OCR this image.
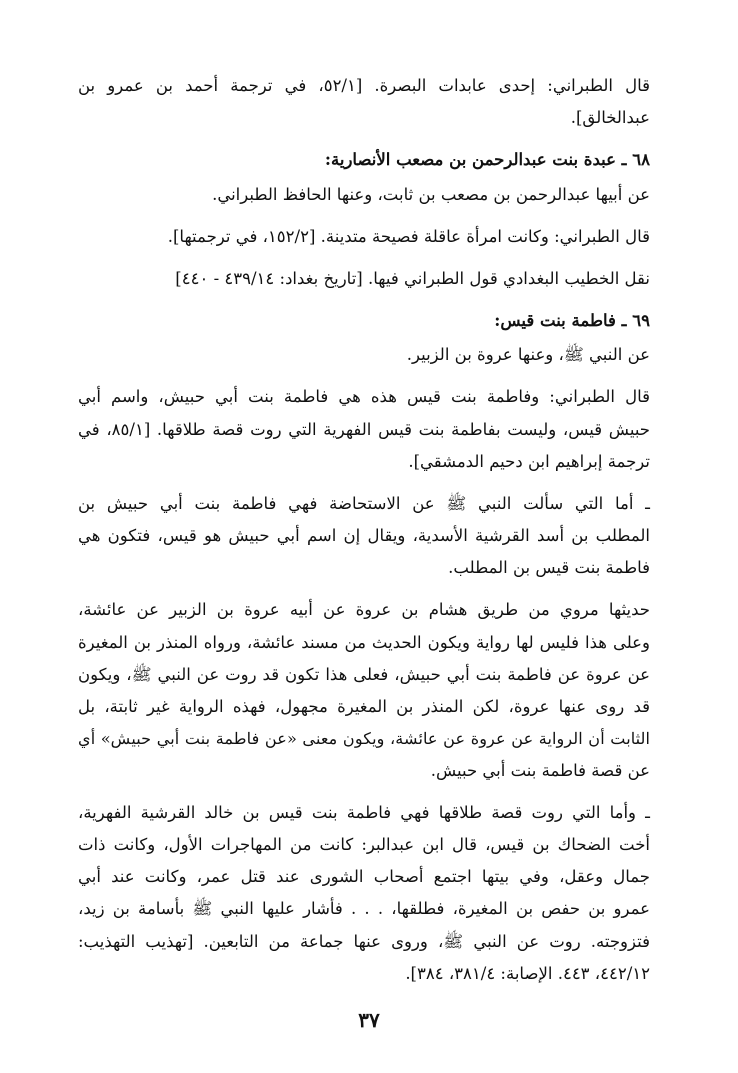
قال الطبراني: إحدى عابدات البصرة. [٥٢/١، في ترجمة أحمد بن عمرو بن
عبدالخالق].
٦٨ ـ عبدة بنت عبدالرحمن بن مصعب الأنصارية:
عن أبيها عبدالرحمن بن مصعب بن ثابت، وعنها الحافظ الطبراني.
قال الطبراني: وكانت امرأة عاقلة فصيحة متدينة. [١٥٢/٢، في ترجمتها].
نقل الخطيب البغدادي قول الطبراني فيها. [تاريخ بغداد: ٤٣٩/١٤ - ٤٤٠]
٦٩ ـ فاطمة بنت قيس:
عن النبي ﷺ، وعنها عروة بن الزبير.
قال الطبراني: وفاطمة بنت قيس هذه هي فاطمة بنت أبي حبيش، واسم أبي
حبيش قيس، وليست بفاطمة بنت قيس الفهرية التي روت قصة طلاقها. [٨٥/١، في
ترجمة إبراهيم ابن دحيم الدمشقي].
ـ أما التي سألت النبي ﷺ عن الاستحاضة فهي فاطمة بنت أبي حبيش بن
المطلب بن أسد القرشية الأسدية، ويقال إن اسم أبي حبيش هو قيس، فتكون هي
فاطمة بنت قيس بن المطلب.
حديثها مروي من طريق هشام بن عروة عن أبيه عروة بن الزبير عن عائشة،
وعلى هذا فليس لها رواية ويكون الحديث من مسند عائشة، ورواه المنذر بن المغيرة
عن عروة عن فاطمة بنت أبي حبيش، فعلى هذا تكون قد روت عن النبي ﷺ، ويكون
قد روى عنها عروة، لكن المنذر بن المغيرة مجهول، فهذه الرواية غير ثابتة، بل
الثابت أن الرواية عن عروة عن عائشة، ويكون معنى «عن فاطمة بنت أبي حبيش» أي
عن قصة فاطمة بنت أبي حبيش.
ـ وأما التي روت قصة طلاقها فهي فاطمة بنت قيس بن خالد القرشية الفهرية،
أخت الضحاك بن قيس، قال ابن عبدالبر: كانت من المهاجرات الأول، وكانت ذات
جمال وعقل، وفي بيتها اجتمع أصحاب الشورى عند قتل عمر، وكانت عند أبي
عمرو بن حفص بن المغيرة، فطلقها، . . . فأشار عليها النبي ﷺ بأسامة بن زيد،
فتزوجته. روت عن النبي ﷺ، وروى عنها جماعة من التابعين. [تهذيب التهذيب:
٤٤٢/١٢، ٤٤٣. الإصابة: ٣٨١/٤، ٣٨٤].
٣٧
